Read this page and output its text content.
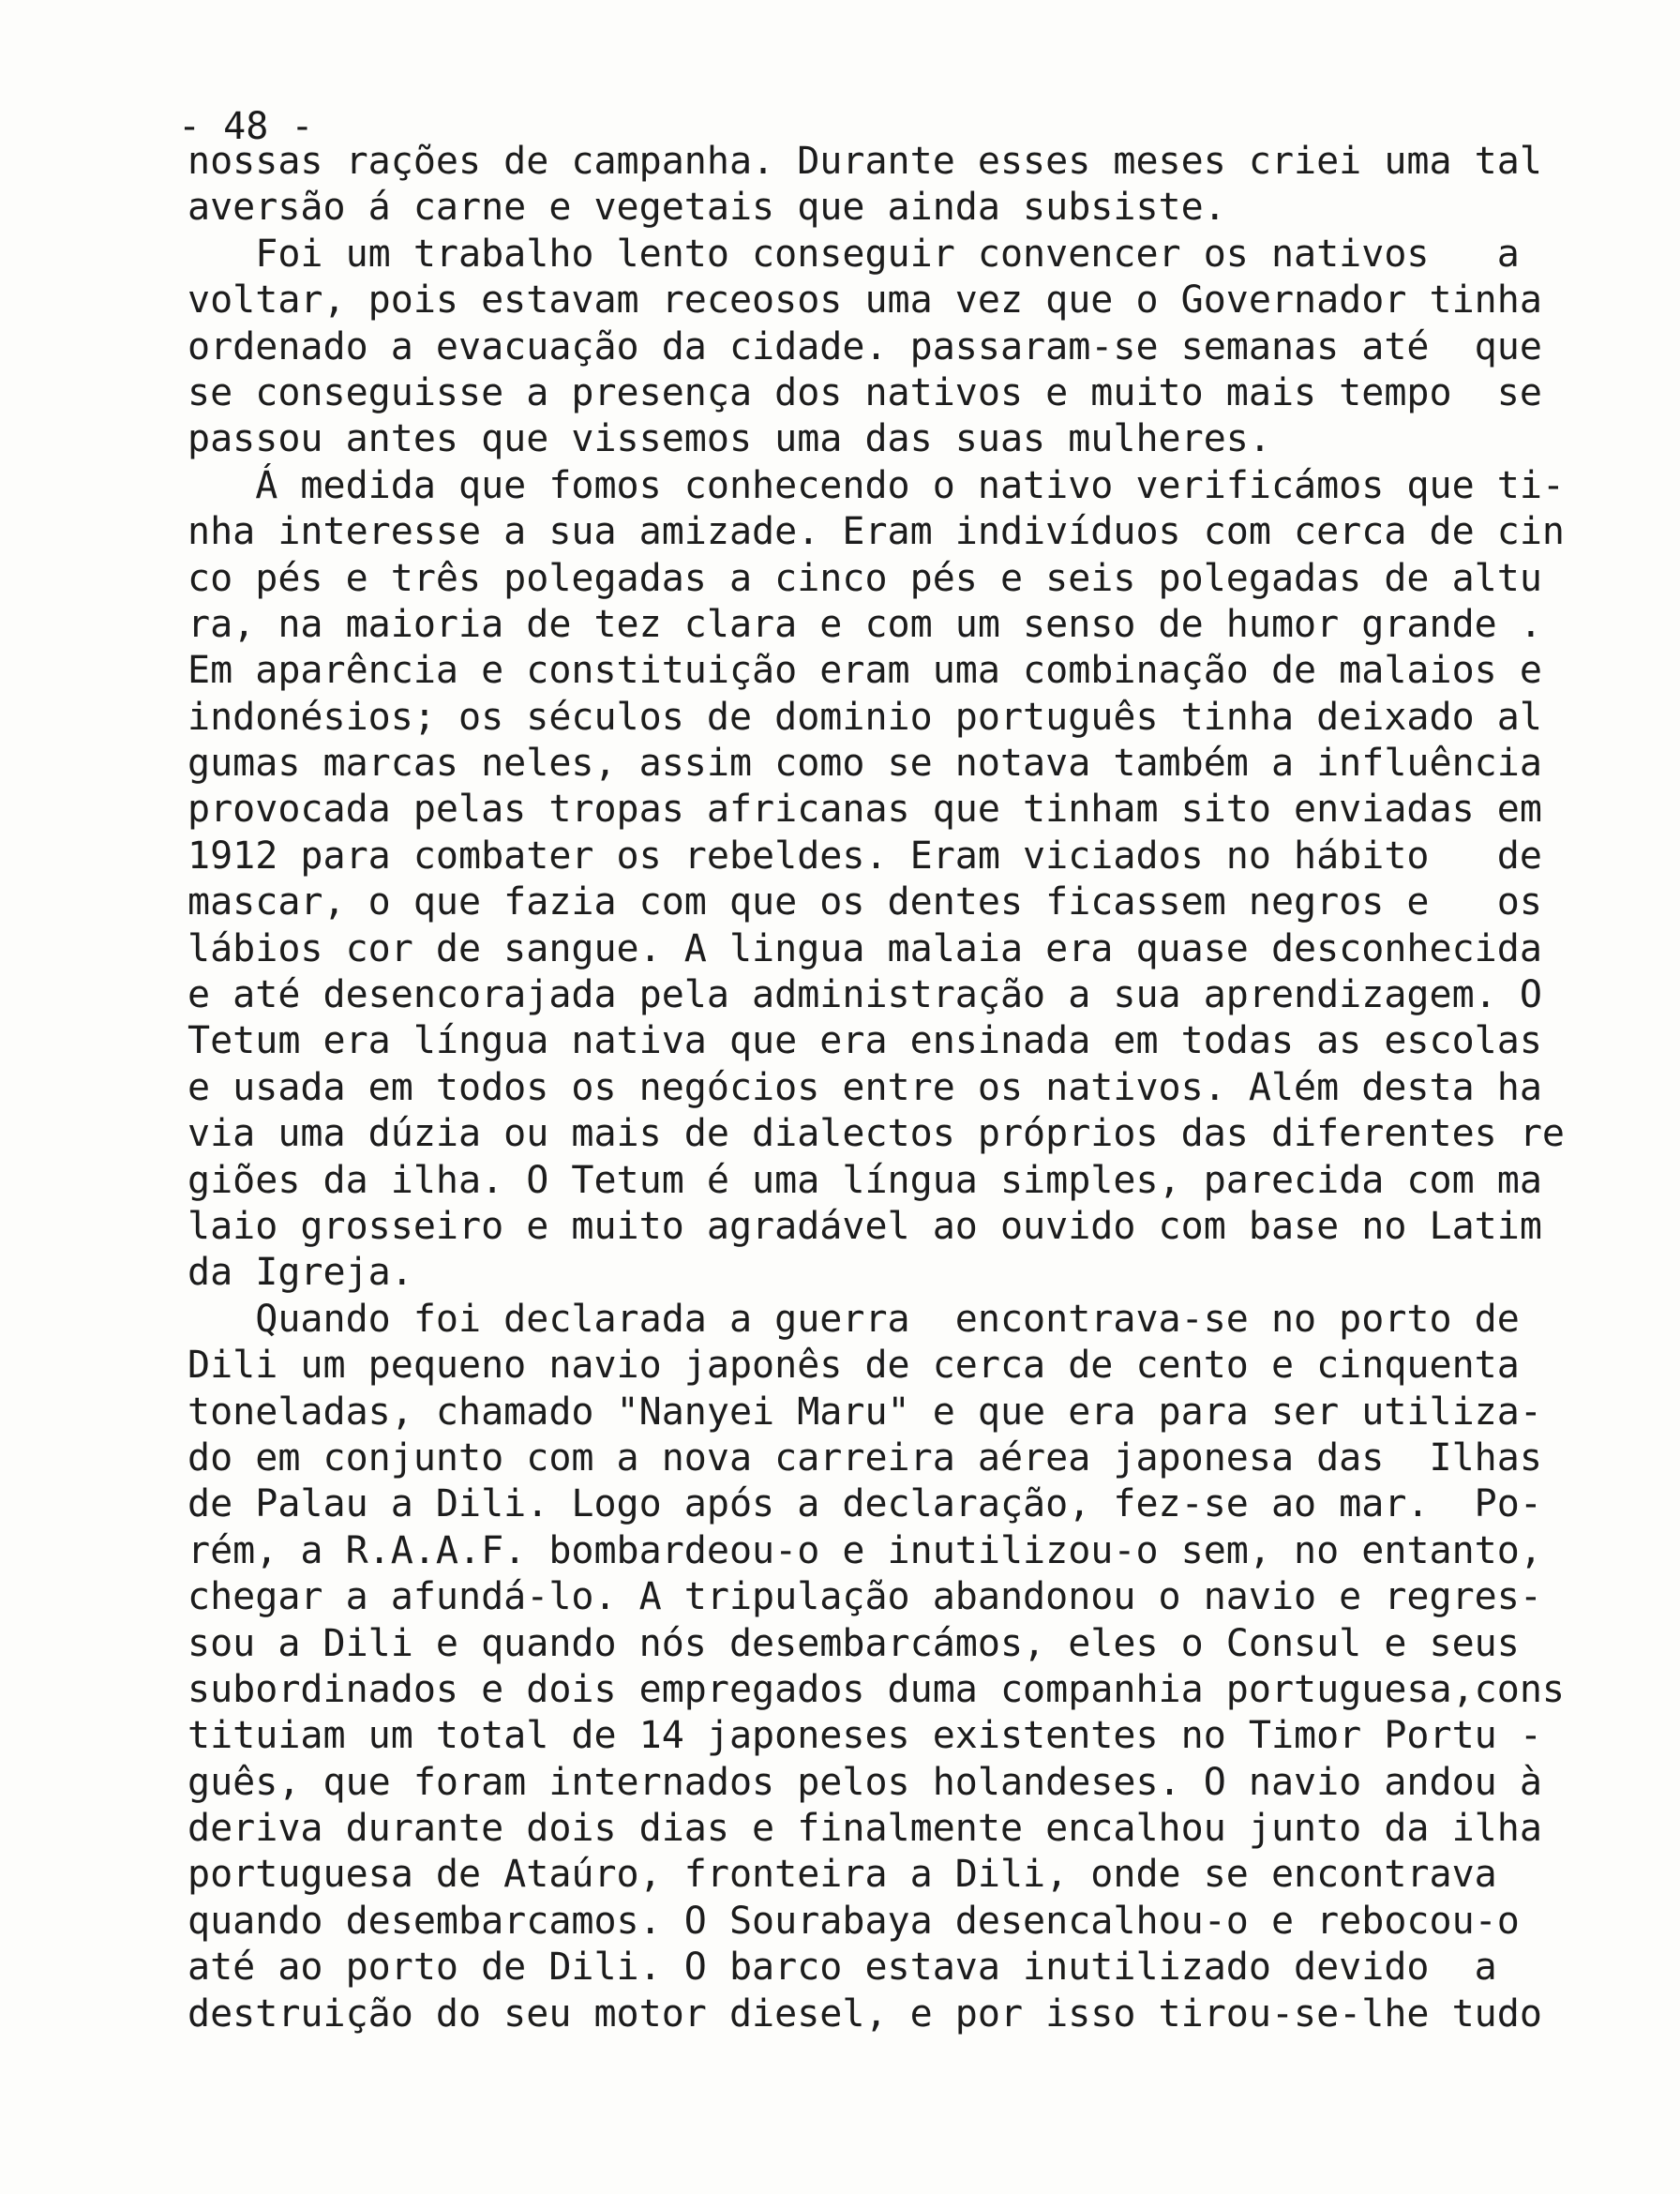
- 48 -
nossas rações de campanha. Durante esses meses criei uma tal
aversão á carne e vegetais que ainda subsiste.
Foi um trabalho lento conseguir convencer os nativos   a
voltar, pois estavam receosos uma vez que o Governador tinha
ordenado a evacuação da cidade. passaram-se semanas até  que
se conseguisse a presença dos nativos e muito mais tempo  se
passou antes que vissemos uma das suas mulheres.
Á medida que fomos conhecendo o nativo verificámos que ti-
nha interesse a sua amizade. Eram indivíduos com cerca de cin
co pés e três polegadas a cinco pés e seis polegadas de altu
ra, na maioria de tez clara e com um senso de humor grande .
Em aparência e constituição eram uma combinação de malaios e
indonésios; os séculos de dominio português tinha deixado al
gumas marcas neles, assim como se notava também a influência
provocada pelas tropas africanas que tinham sito enviadas em
1912 para combater os rebeldes. Eram viciados no hábito   de
mascar, o que fazia com que os dentes ficassem negros e   os
lábios cor de sangue. A lingua malaia era quase desconhecida
e até desencorajada pela administração a sua aprendizagem. O
Tetum era língua nativa que era ensinada em todas as escolas
e usada em todos os negócios entre os nativos. Além desta ha
via uma dúzia ou mais de dialectos próprios das diferentes re
giões da ilha. O Tetum é uma língua simples, parecida com ma
laio grosseiro e muito agradável ao ouvido com base no Latim
da Igreja.
Quando foi declarada a guerra  encontrava-se no porto de
Dili um pequeno navio japonês de cerca de cento e cinquenta
toneladas, chamado "Nanyei Maru" e que era para ser utiliza-
do em conjunto com a nova carreira aérea japonesa das  Ilhas
de Palau a Dili. Logo após a declaração, fez-se ao mar.  Po-
rém, a R.A.A.F. bombardeou-o e inutilizou-o sem, no entanto,
chegar a afundá-lo. A tripulação abandonou o navio e regres-
sou a Dili e quando nós desembarcámos, eles o Consul e seus
subordinados e dois empregados duma companhia portuguesa,cons
tituiam um total de 14 japoneses existentes no Timor Portu -
guês, que foram internados pelos holandeses. O navio andou à
deriva durante dois dias e finalmente encalhou junto da ilha
portuguesa de Ataúro, fronteira a Dili, onde se encontrava
quando desembarcamos. O Sourabaya desencalhou-o e rebocou-o
até ao porto de Dili. O barco estava inutilizado devido  a
destruição do seu motor diesel, e por isso tirou-se-lhe tudo
